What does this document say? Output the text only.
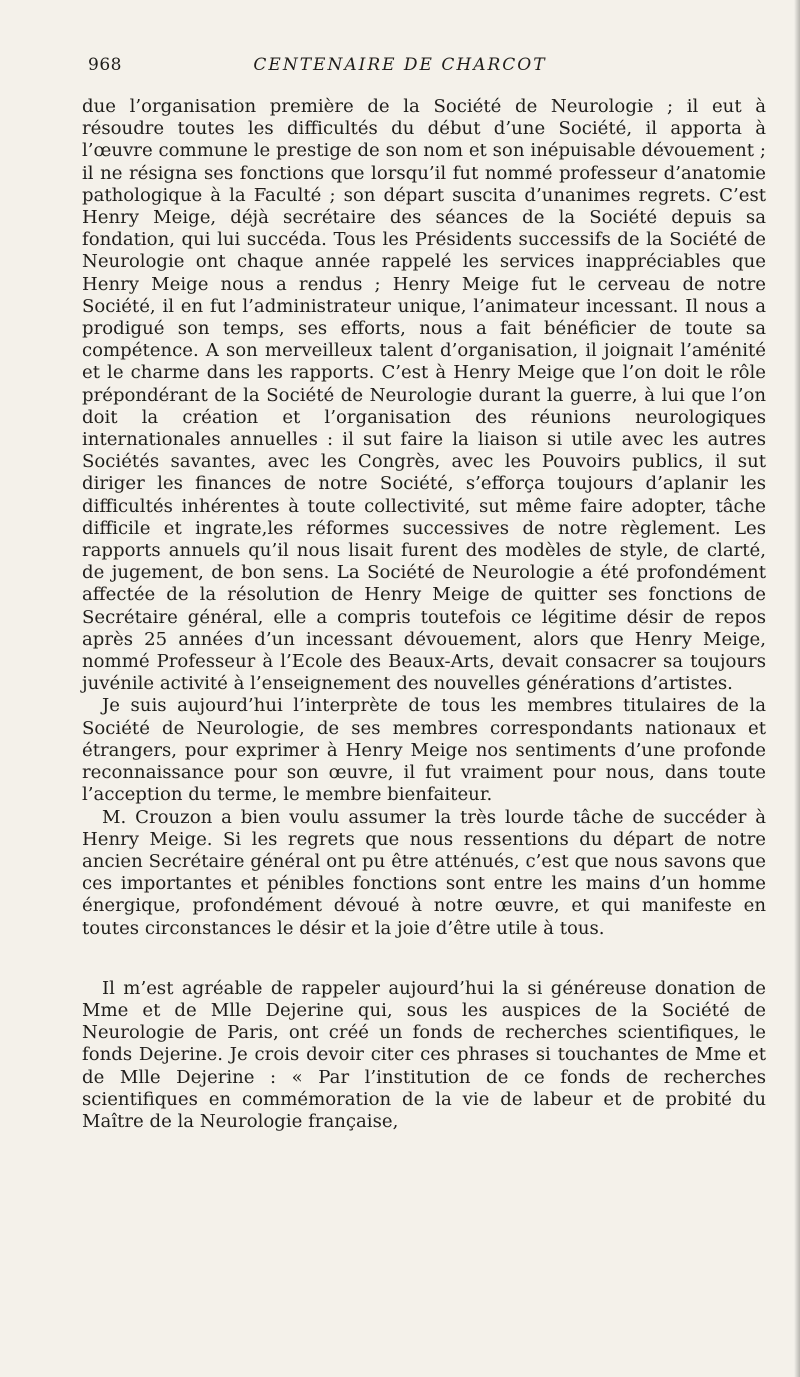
968	CENTENAIRE DE CHARCOT

due l’organisation première de la Société de Neurologie ; il eut à résoudre toutes les difficultés du début d’une Société, il apporta à l’œuvre commune le prestige de son nom et son inépuisable dévouement ; il ne résigna ses fonctions que lorsqu’il fut nommé professeur d’anatomie pathologique à la Faculté ; son départ suscita d’unanimes regrets. C’est Henry Meige, déjà secrétaire des séances de la Société depuis sa fondation, qui lui succéda. Tous les Présidents successifs de la Société de Neurologie ont chaque année rappelé les services inappréciables que Henry Meige nous a rendus ; Henry Meige fut le cerveau de notre Société, il en fut l’administrateur unique, l’animateur incessant. Il nous a prodigué son temps, ses efforts, nous a fait bénéficier de toute sa compétence. A son merveilleux talent d’organisation, il joignait l’aménité et le charme dans les rapports. C’est à Henry Meige que l’on doit le rôle prépondérant de la Société de Neurologie durant la guerre, à lui que l’on doit la création et l’organisation des réunions neurologiques internationales annuelles : il sut faire la liaison si utile avec les autres Sociétés savantes, avec les Congrès, avec les Pouvoirs publics, il sut diriger les finances de notre Société, s’efforça toujours d’aplanir les difficultés inhérentes à toute collectivité, sut même faire adopter, tâche difficile et ingrate,les réformes successives de notre règlement. Les rapports annuels qu’il nous lisait furent des modèles de style, de clarté, de jugement, de bon sens. La Société de Neurologie a été profondément affectée de la résolution de Henry Meige de quitter ses fonctions de Secrétaire général, elle a compris toutefois ce légitime désir de repos après 25 années d’un incessant dévouement, alors que Henry Meige, nommé Professeur à l’Ecole des Beaux-Arts, devait consacrer sa toujours juvénile activité à l’enseignement des nouvelles générations d’artistes.

Je suis aujourd’hui l’interprète de tous les membres titulaires de la Société de Neurologie, de ses membres correspondants nationaux et étrangers, pour exprimer à Henry Meige nos sentiments d’une profonde reconnaissance pour son œuvre, il fut vraiment pour nous, dans toute l’acception du terme, le membre bienfaiteur.

M. Crouzon a bien voulu assumer la très lourde tâche de succéder à Henry Meige. Si les regrets que nous ressentions du départ de notre ancien Secrétaire général ont pu être atténués, c’est que nous savons que ces importantes et pénibles fonctions sont entre les mains d’un homme énergique, profondément dévoué à notre œuvre, et qui manifeste en toutes circonstances le désir et la joie d’être utile à tous.

Il m’est agréable de rappeler aujourd’hui la si généreuse donation de Mme et de Mlle Dejerine qui, sous les auspices de la Société de Neurologie de Paris, ont créé un fonds de recherches scientifiques, le fonds Dejerine. Je crois devoir citer ces phrases si touchantes de Mme et de Mlle Dejerine : « Par l’institution de ce fonds de recherches scientifiques en commémoration de la vie de labeur et de probité du Maître de la Neurologie française,
